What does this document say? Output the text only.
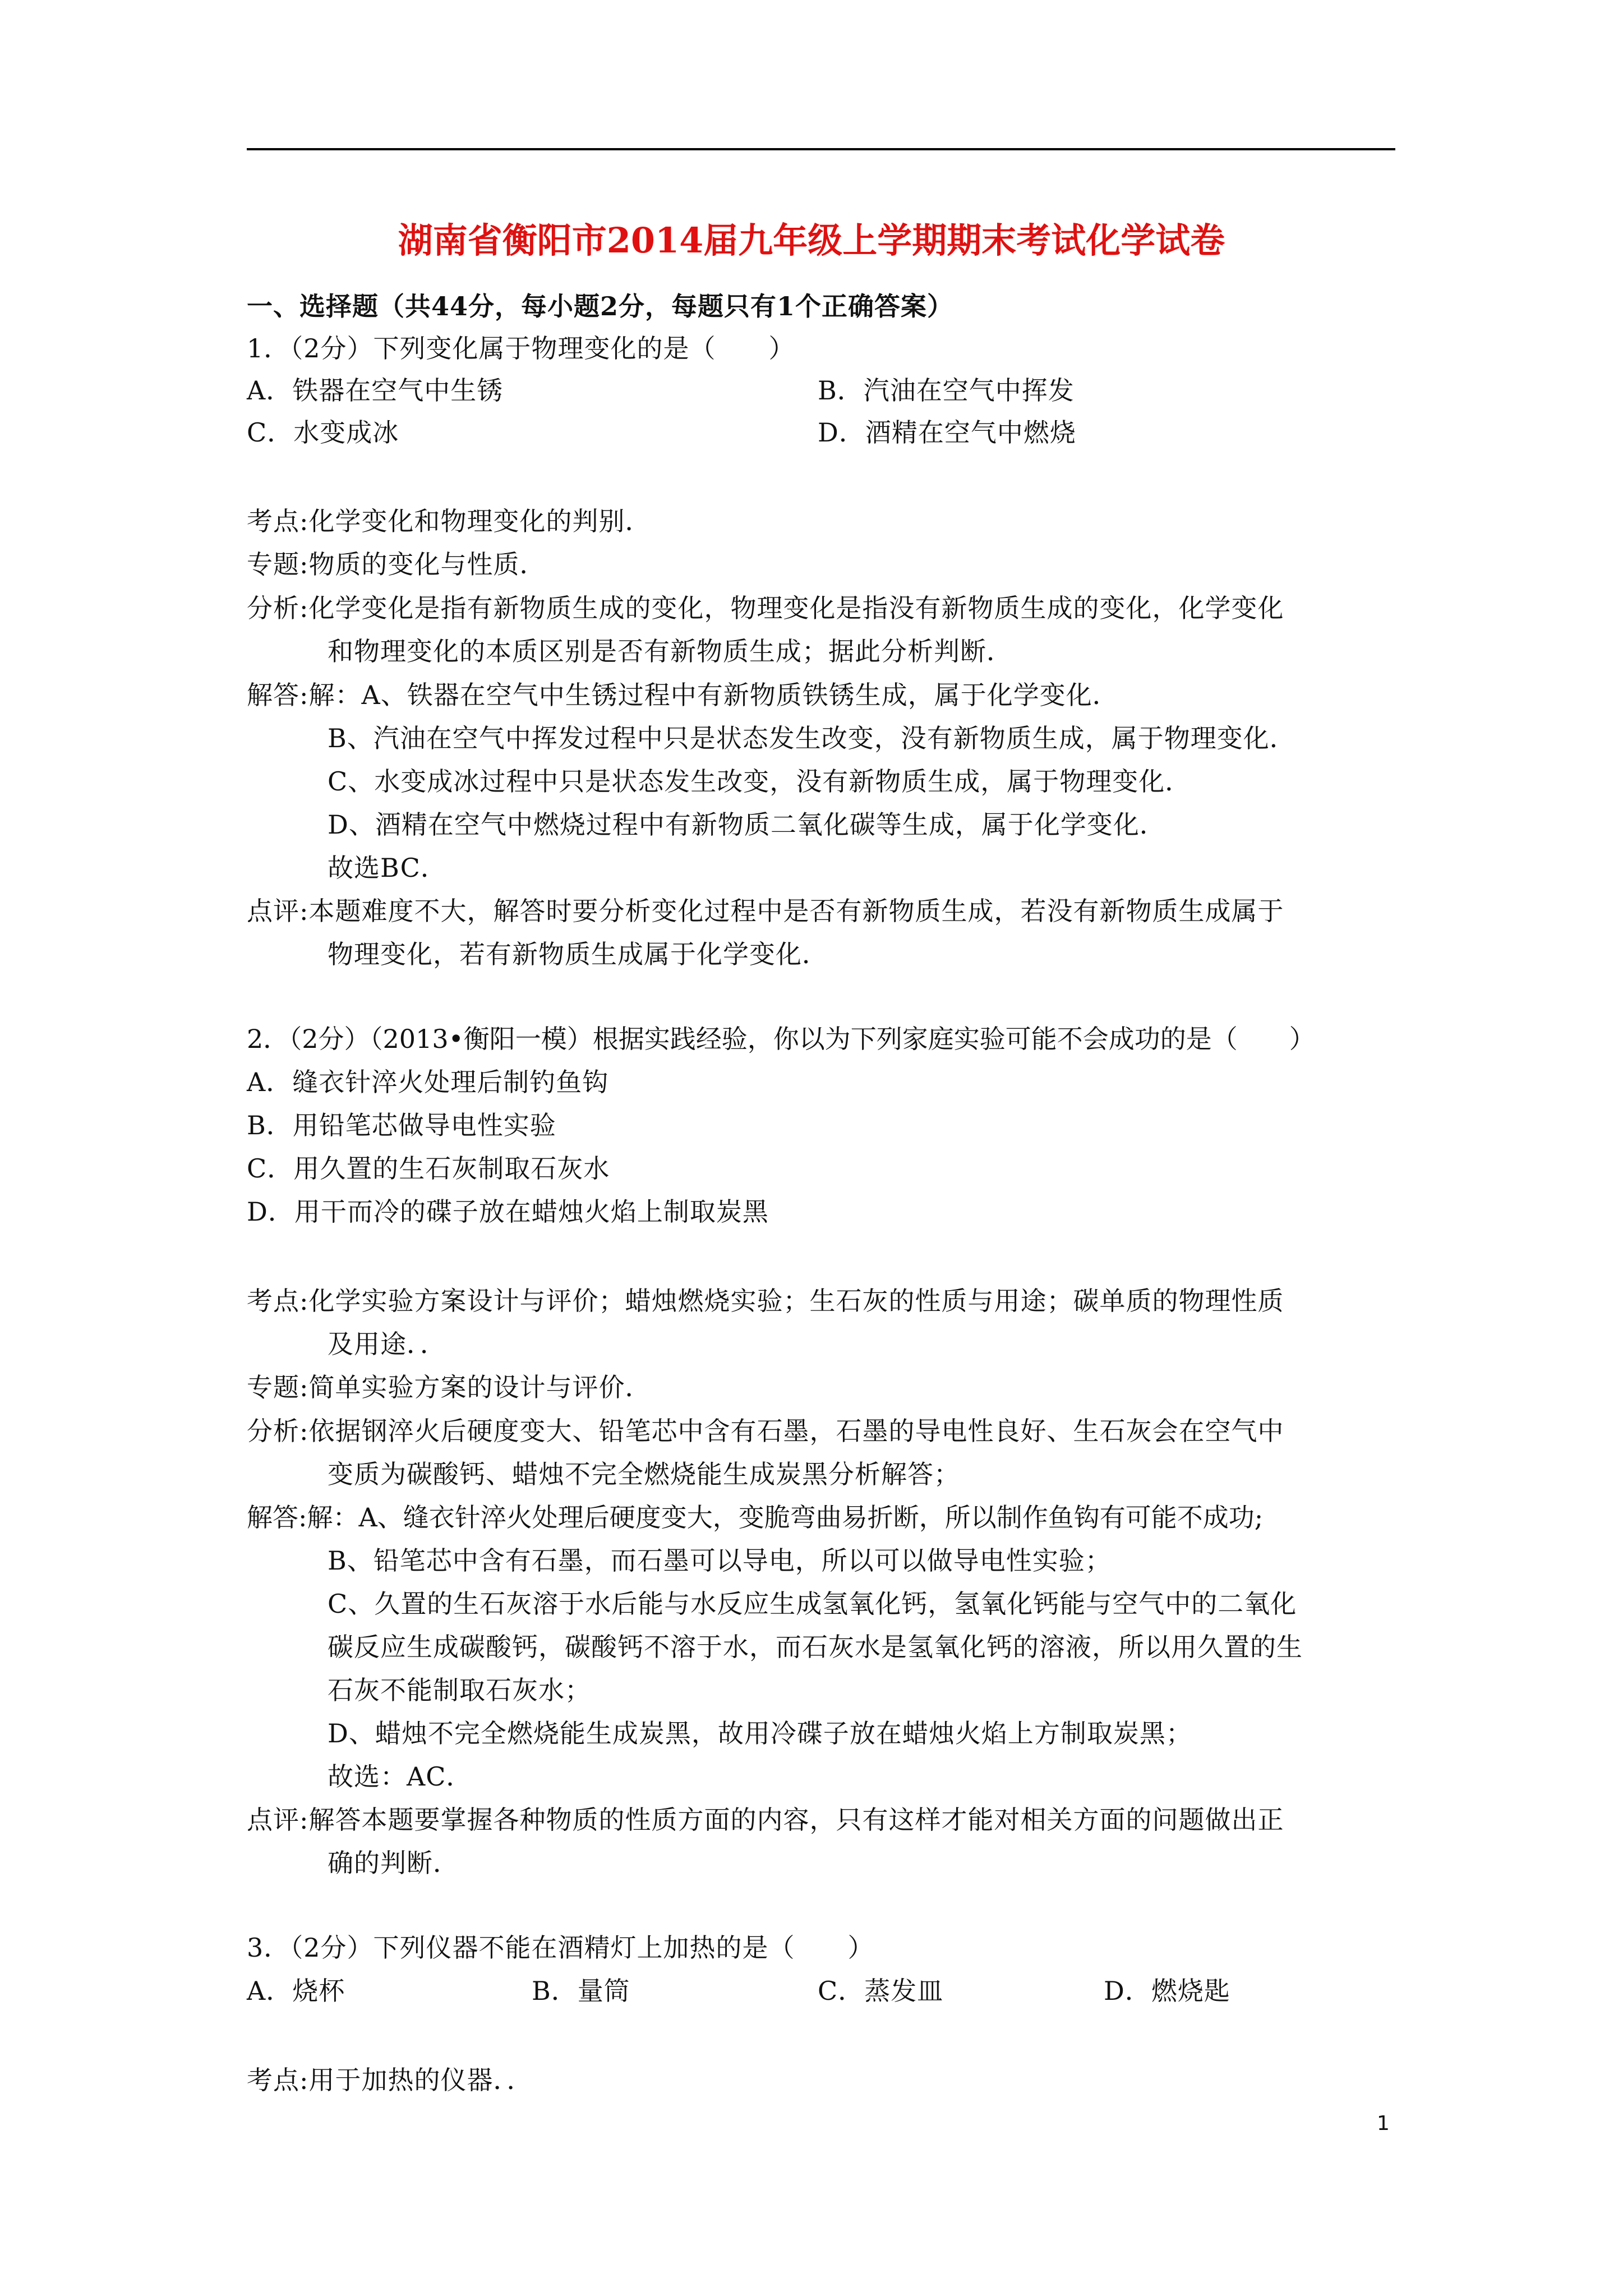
湖南省衡阳市2014届九年级上学期期末考试化学试卷
一、选择题（共44分，每小题2分，每题只有1个正确答案）
1．（2分）下列变化属于物理变化的是（　　）
A．铁器在空气中生锈	B．汽油在空气中挥发
C．水变成冰	D．酒精在空气中燃烧
考点:化学变化和物理变化的判别．
专题:物质的变化与性质．
分析:化学变化是指有新物质生成的变化，物理变化是指没有新物质生成的变化，化学变化
和物理变化的本质区别是否有新物质生成；据此分析判断．
解答:解：A、铁器在空气中生锈过程中有新物质铁锈生成，属于化学变化．
B、汽油在空气中挥发过程中只是状态发生改变，没有新物质生成，属于物理变化．
C、水变成冰过程中只是状态发生改变，没有新物质生成，属于物理变化．
D、酒精在空气中燃烧过程中有新物质二氧化碳等生成，属于化学变化．
故选BC．
点评:本题难度不大，解答时要分析变化过程中是否有新物质生成，若没有新物质生成属于
物理变化，若有新物质生成属于化学变化．
2．（2分）（2013•衡阳一模）根据实践经验，你以为下列家庭实验可能不会成功的是（　　）
A．缝衣针淬火处理后制钓鱼钩
B．用铅笔芯做导电性实验
C．用久置的生石灰制取石灰水
D．用干而冷的碟子放在蜡烛火焰上制取炭黑
考点:化学实验方案设计与评价；蜡烛燃烧实验；生石灰的性质与用途；碳单质的物理性质
及用途．．
专题:简单实验方案的设计与评价．
分析:依据钢淬火后硬度变大、铅笔芯中含有石墨，石墨的导电性良好、生石灰会在空气中
变质为碳酸钙、蜡烛不完全燃烧能生成炭黑分析解答；
解答:解：A、缝衣针淬火处理后硬度变大，变脆弯曲易折断，所以制作鱼钩有可能不成功;
B、铅笔芯中含有石墨，而石墨可以导电，所以可以做导电性实验；
C、久置的生石灰溶于水后能与水反应生成氢氧化钙，氢氧化钙能与空气中的二氧化
碳反应生成碳酸钙，碳酸钙不溶于水，而石灰水是氢氧化钙的溶液，所以用久置的生
石灰不能制取石灰水；
D、蜡烛不完全燃烧能生成炭黑，故用冷碟子放在蜡烛火焰上方制取炭黑；
故选：AC．
点评:解答本题要掌握各种物质的性质方面的内容，只有这样才能对相关方面的问题做出正
确的判断．
3．（2分）下列仪器不能在酒精灯上加热的是（　　）
A．烧杯	B．量筒	C．蒸发皿	D．燃烧匙
考点:用于加热的仪器．．
1
